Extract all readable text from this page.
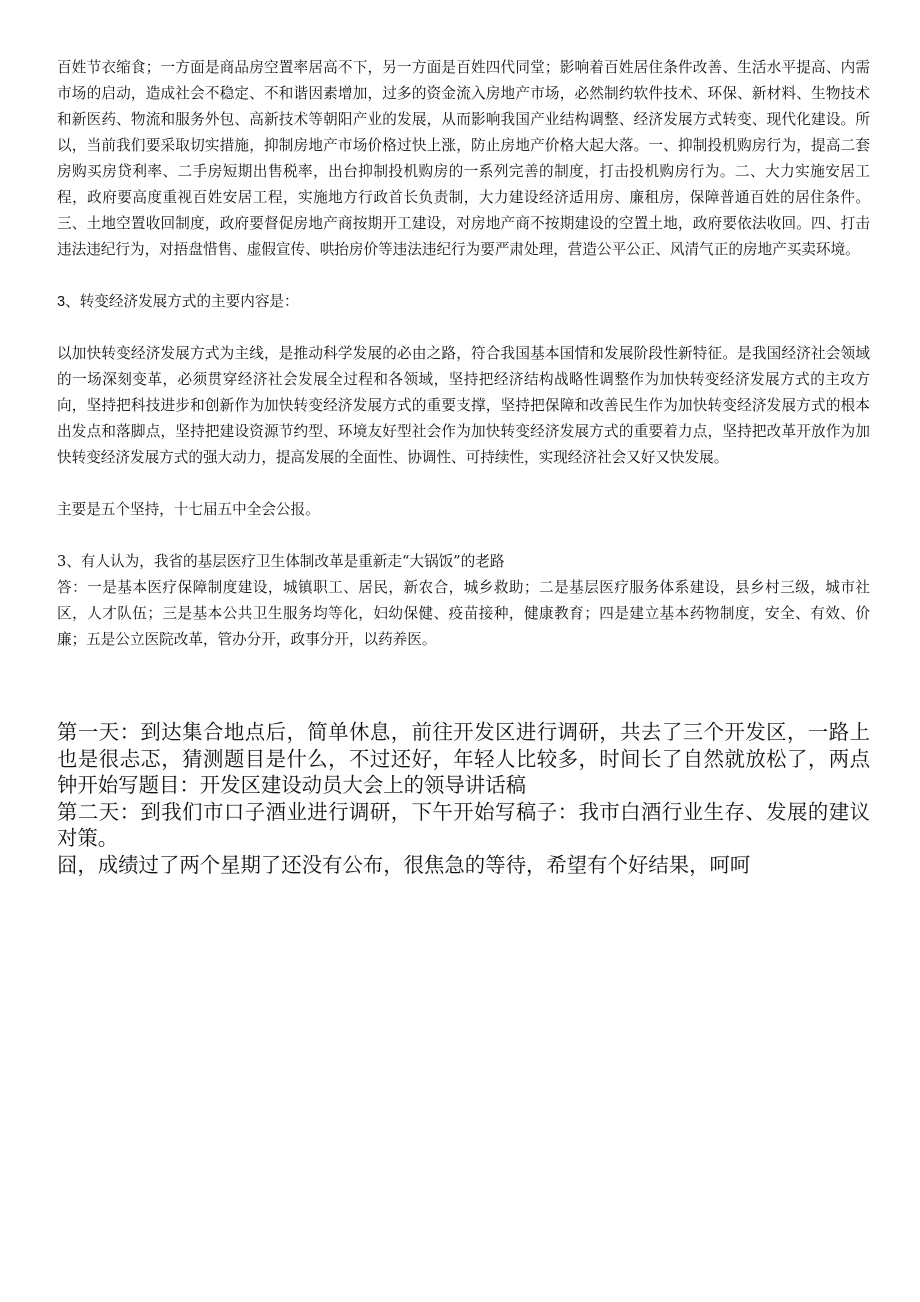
百姓节衣缩食；一方面是商品房空置率居高不下，另一方面是百姓四代同堂；影响着百姓居住条件改善、生活水平提高、内需市场的启动，造成社会不稳定、不和谐因素增加，过多的资金流入房地产市场，必然制约软件技术、环保、新材料、生物技术和新医药、物流和服务外包、高新技术等朝阳产业的发展，从而影响我国产业结构调整、经济发展方式转变、现代化建设。所以，当前我们要采取切实措施，抑制房地产市场价格过快上涨，防止房地产价格大起大落。一、抑制投机购房行为，提高二套房购买房贷利率、二手房短期出售税率，出台抑制投机购房的一系列完善的制度，打击投机购房行为。二、大力实施安居工程，政府要高度重视百姓安居工程，实施地方行政首长负责制，大力建设经济适用房、廉租房，保障普通百姓的居住条件。三、土地空置收回制度，政府要督促房地产商按期开工建设，对房地产商不按期建设的空置土地，政府要依法收回。四、打击违法违纪行为，对捂盘惜售、虚假宣传、哄抬房价等违法违纪行为要严肃处理，营造公平公正、风清气正的房地产买卖环境。

3、转变经济发展方式的主要内容是：

以加快转变经济发展方式为主线，是推动科学发展的必由之路，符合我国基本国情和发展阶段性新特征。是我国经济社会领域的一场深刻变革，必须贯穿经济社会发展全过程和各领域，坚持把经济结构战略性调整作为加快转变经济发展方式的主攻方向，坚持把科技进步和创新作为加快转变经济发展方式的重要支撑，坚持把保障和改善民生作为加快转变经济发展方式的根本出发点和落脚点，坚持把建设资源节约型、环境友好型社会作为加快转变经济发展方式的重要着力点，坚持把改革开放作为加快转变经济发展方式的强大动力，提高发展的全面性、协调性、可持续性，实现经济社会又好又快发展。

主要是五个坚持，十七届五中全会公报。

3、有人认为，我省的基层医疗卫生体制改革是重新走“大锅饭”的老路

答：一是基本医疗保障制度建设，城镇职工、居民，新农合，城乡救助；二是基层医疗服务体系建设，县乡村三级，城市社区，人才队伍；三是基本公共卫生服务均等化，妇幼保健、疫苗接种，健康教育；四是建立基本药物制度，安全、有效、价廉；五是公立医院改革，管办分开，政事分开，以药养医。

第一天：到达集合地点后，简单休息，前往开发区进行调研，共去了三个开发区，一路上也是很忐忑，猜测题目是什么，不过还好，年轻人比较多，时间长了自然就放松了，两点钟开始写题目：开发区建设动员大会上的领导讲话稿

第二天：到我们市口子酒业进行调研，下午开始写稿子：我市白酒行业生存、发展的建议对策。

囧，成绩过了两个星期了还没有公布，很焦急的等待，希望有个好结果，呵呵
